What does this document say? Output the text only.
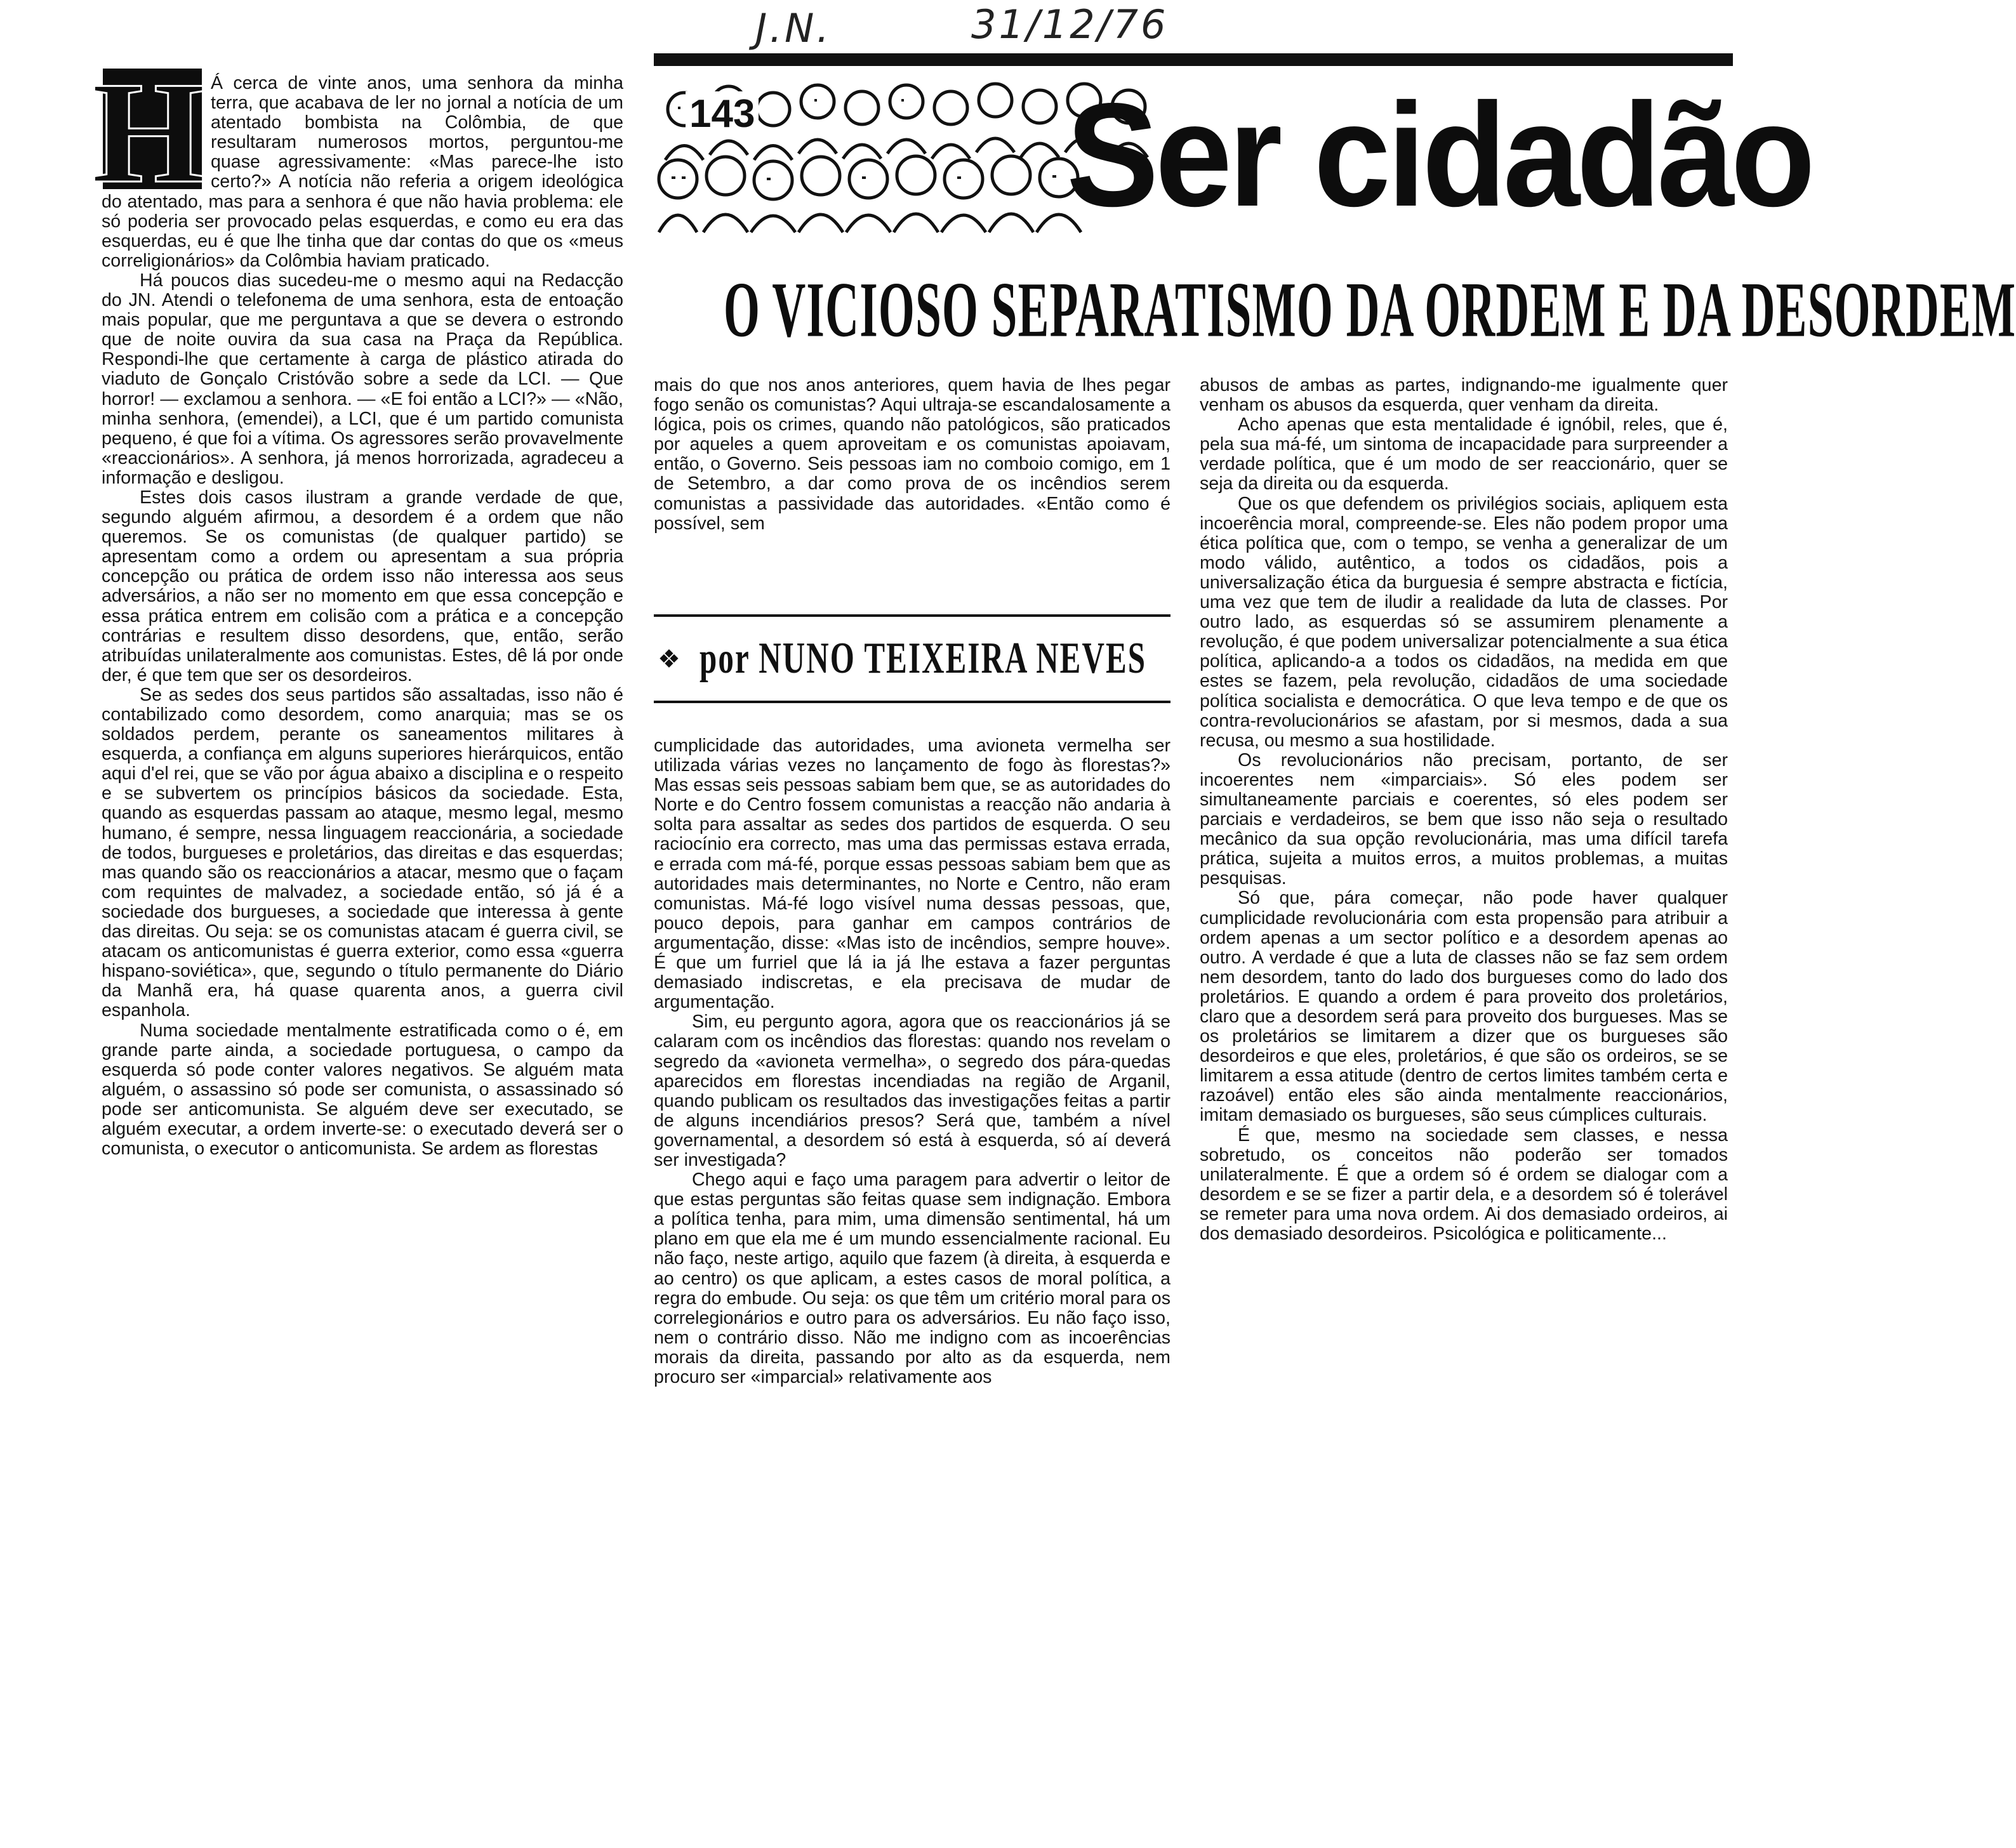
J.N.	31/12/76
143 Ser cidadão
O VICIOSO SEPARATISMO DA ORDEM E DA DESORDEM
H Á cerca de vinte anos, uma senhora da minha terra, que acabava de ler no jornal a notícia de um atentado bombista na Colômbia, de que resultaram numerosos mortos, perguntou-me quase agressivamente: «Mas parece-lhe isto certo?» A notícia não referia a origem ideológica do atentado, mas para a senhora é que não havia problema: ele só poderia ser provocado pelas esquerdas, e como eu era das esquerdas, eu é que lhe tinha que dar contas do que os «meus correligionários» da Colômbia haviam praticado.

Há poucos dias sucedeu-me o mesmo aqui na Redacção do JN. Atendi o telefonema de uma senhora, esta de entoação mais popular, que me perguntava a que se devera o estrondo que de noite ouvira da sua casa na Praça da República. Respondi-lhe que certamente à carga de plástico atirada do viaduto de Gonçalo Cristóvão sobre a sede da LCI. — Que horror! — exclamou a senhora. — «E foi então a LCI?» — «Não, minha senhora, (emendei), a LCI, que é um partido comunista pequeno, é que foi a vítima. Os agressores serão provavelmente «reaccionários». A senhora, já menos horrorizada, agradeceu a informação e desligou.

Estes dois casos ilustram a grande verdade de que, segundo alguém afirmou, a desordem é a ordem que não queremos. Se os comunistas (de qualquer partido) se apresentam como a ordem ou apresentam a sua própria concepção ou prática de ordem isso não interessa aos seus adversários, a não ser no momento em que essa concepção e essa prática entrem em colisão com a prática e a concepção contrárias e resultem disso desordens, que, então, serão atribuídas unilateralmente aos comunistas. Estes, dê lá por onde der, é que tem que ser os desordeiros.

Se as sedes dos seus partidos são assaltadas, isso não é contabilizado como desordem, como anarquia; mas se os soldados perdem, perante os saneamentos militares à esquerda, a confiança em alguns superiores hierárquicos, então aqui d'el rei, que se vão por água abaixo a disciplina e o respeito e se subvertem os princípios básicos da sociedade. Esta, quando as esquerdas passam ao ataque, mesmo legal, mesmo humano, é sempre, nessa linguagem reaccionária, a sociedade de todos, burgueses e proletários, das direitas e das esquerdas; mas quando são os reaccionários a atacar, mesmo que o façam com requintes de malvadez, a sociedade então, só já é a sociedade dos burgueses, a sociedade que interessa à gente das direitas. Ou seja: se os comunistas atacam é guerra civil, se atacam os anticomunistas é guerra exterior, como essa «guerra hispano-soviética», que, segundo o título permanente do Diário da Manhã era, há quase quarenta anos, a guerra civil espanhola.

Numa sociedade mentalmente estratificada como o é, em grande parte ainda, a sociedade portuguesa, o campo da esquerda só pode conter valores negativos. Se alguém mata alguém, o assassino só pode ser comunista, o assassinado só pode ser anticomunista. Se alguém deve ser executado, se alguém executar, a ordem inverte-se: o executado deverá ser o comunista, o executor o anticomunista. Se ardem as florestas

mais do que nos anos anteriores, quem havia de lhes pegar fogo senão os comunistas? Aqui ultraja-se escandalosamente a lógica, pois os crimes, quando não patológicos, são praticados por aqueles a quem aproveitam e os comunistas apoiavam, então, o Governo. Seis pessoas iam no comboio comigo, em 1 de Setembro, a dar como prova de os incêndios serem comunistas a passividade das autoridades. «Então como é possível, sem

❖ por NUNO TEIXEIRA NEVES

cumplicidade das autoridades, uma avioneta vermelha ser utilizada várias vezes no lançamento de fogo às florestas?» Mas essas seis pessoas sabiam bem que, se as autoridades do Norte e do Centro fossem comunistas a reacção não andaria à solta para assaltar as sedes dos partidos de esquerda. O seu raciocínio era correcto, mas uma das permissas estava errada, e errada com má-fé, porque essas pessoas sabiam bem que as autoridades mais determinantes, no Norte e Centro, não eram comunistas. Má-fé logo visível numa dessas pessoas, que, pouco depois, para ganhar em campos contrários de argumentação, disse: «Mas isto de incêndios, sempre houve». É que um furriel que lá ia já lhe estava a fazer perguntas demasiado indiscretas, e ela precisava de mudar de argumentação.

Sim, eu pergunto agora, agora que os reaccionários já se calaram com os incêndios das florestas: quando nos revelam o segredo da «avioneta vermelha», o segredo dos pára-quedas aparecidos em florestas incendiadas na região de Arganil, quando publicam os resultados das investigações feitas a partir de alguns incendiários presos? Será que, também a nível governamental, a desordem só está à esquerda, só aí deverá ser investigada?

Chego aqui e faço uma paragem para advertir o leitor de que estas perguntas são feitas quase sem indignação. Embora a política tenha, para mim, uma dimensão sentimental, há um plano em que ela me é um mundo essencialmente racional. Eu não faço, neste artigo, aquilo que fazem (à direita, à esquerda e ao centro) os que aplicam, a estes casos de moral política, a regra do embude. Ou seja: os que têm um critério moral para os correlegionários e outro para os adversários. Eu não faço isso, nem o contrário disso. Não me indigno com as incoerências morais da direita, passando por alto as da esquerda, nem procuro ser «imparcial» relativamente aos

abusos de ambas as partes, indignando-me igualmente quer venham os abusos da esquerda, quer venham da direita.

Acho apenas que esta mentalidade é ignóbil, reles, que é, pela sua má-fé, um sintoma de incapacidade para surpreender a verdade política, que é um modo de ser reaccionário, quer se seja da direita ou da esquerda.

Que os que defendem os privilégios sociais, apliquem esta incoerência moral, compreende-se. Eles não podem propor uma ética política que, com o tempo, se venha a generalizar de um modo válido, autêntico, a todos os cidadãos, pois a universalização ética da burguesia é sempre abstracta e fictícia, uma vez que tem de iludir a realidade da luta de classes. Por outro lado, as esquerdas só se assumirem plenamente a revolução, é que podem universalizar potencialmente a sua ética política, aplicando-a a todos os cidadãos, na medida em que estes se fazem, pela revolução, cidadãos de uma sociedade política socialista e democrática. O que leva tempo e de que os contra-revolucionários se afastam, por si mesmos, dada a sua recusa, ou mesmo a sua hostilidade.

Os revolucionários não precisam, portanto, de ser incoerentes nem «imparciais». Só eles podem ser simultaneamente parciais e coerentes, só eles podem ser parciais e verdadeiros, se bem que isso não seja o resultado mecânico da sua opção revolucionária, mas uma difícil tarefa prática, sujeita a muitos erros, a muitos problemas, a muitas pesquisas.

Só que, pára começar, não pode haver qualquer cumplicidade revolucionária com esta propensão para atribuir a ordem apenas a um sector político e a desordem apenas ao outro. A verdade é que a luta de classes não se faz sem ordem nem desordem, tanto do lado dos burgueses como do lado dos proletários. E quando a ordem é para proveito dos proletários, claro que a desordem será para proveito dos burgueses. Mas se os proletários se limitarem a dizer que os burgueses são desordeiros e que eles, proletários, é que são os ordeiros, se se limitarem a essa atitude (dentro de certos limites também certa e razoável) então eles são ainda mentalmente reaccionários, imitam demasiado os burgueses, são seus cúmplices culturais.

É que, mesmo na sociedade sem classes, e nessa sobretudo, os conceitos não poderão ser tomados unilateralmente. É que a ordem só é ordem se dialogar com a desordem e se se fizer a partir dela, e a desordem só é tolerável se remeter para uma nova ordem. Ai dos demasiado ordeiros, ai dos demasiado desordeiros. Psicológica e politicamente...
